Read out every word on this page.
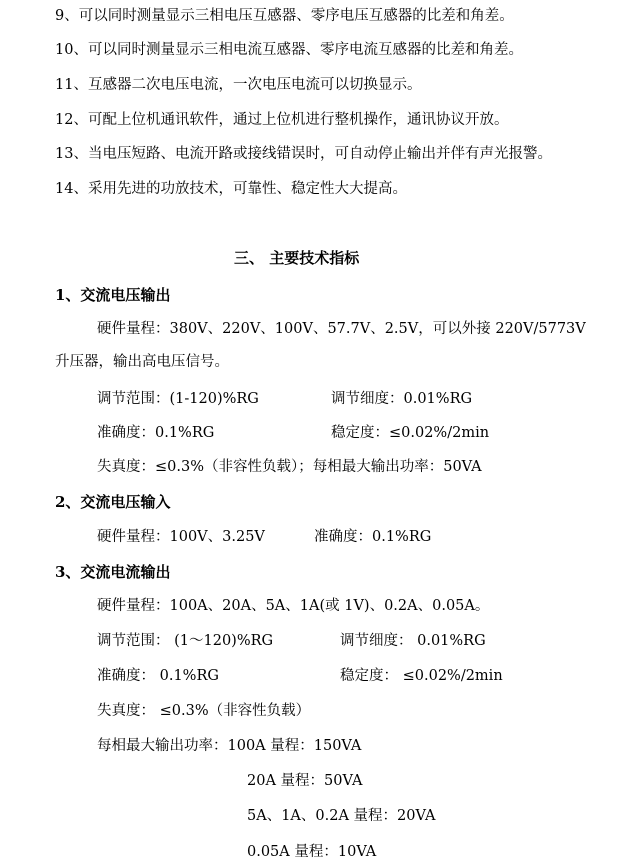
9、可以同时测量显示三相电压互感器、零序电压互感器的比差和角差。
10、可以同时测量显示三相电流互感器、零序电流互感器的比差和角差。
11、互感器二次电压电流，一次电压电流可以切换显示。
12、可配上位机通讯软件，通过上位机进行整机操作，通讯协议开放。
13、当电压短路、电流开路或接线错误时，可自动停止输出并伴有声光报警。
14、采用先进的功放技术，可靠性、稳定性大大提高。
三、 主要技术指标
1、交流电压输出
硬件量程：380V、220V、100V、57.7V、2.5V，可以外接 220V/5773V
升压器，输出高电压信号。
调节范围：(1-120)%RG	调节细度：0.01%RG
准确度：0.1%RG	稳定度：≤0.02%/2min
失真度：≤0.3%（非容性负载）；每相最大输出功率：50VA
2、交流电压输入
硬件量程：100V、3.25V	准确度：0.1%RG
3、交流电流输出
硬件量程：100A、20A、5A、1A(或 1V)、0.2A、0.05A。
调节范围： (1～120)%RG	调节细度： 0.01%RG
准确度： 0.1%RG	稳定度： ≤0.02%/2min
失真度： ≤0.3%（非容性负载）
每相最大输出功率：100A 量程：150VA
20A 量程：50VA
5A、1A、0.2A 量程：20VA
0.05A 量程：10VA
